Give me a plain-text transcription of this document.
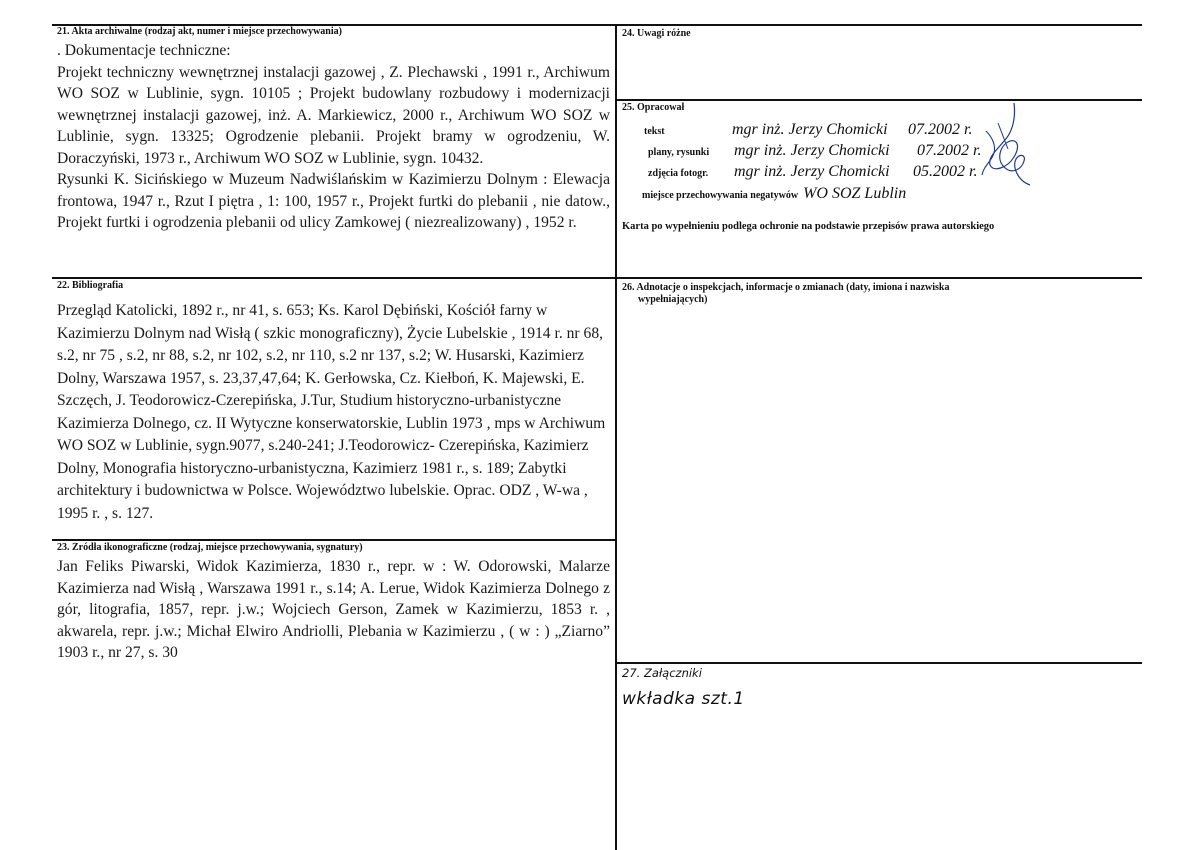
21. Akta archiwalne (rodzaj akt, numer i miejsce przechowywania)

. Dokumentacje techniczne:

Projekt techniczny wewnętrznej instalacji gazowej , Z. Plechawski , 1991 r., Archiwum WO SOZ w Lublinie, sygn. 10105 ; Projekt budowlany rozbudowy i modernizacji wewnętrznej instalacji gazowej, inż. A. Markiewicz, 2000 r., Archiwum WO SOZ w Lublinie, sygn. 13325; Ogrodzenie plebanii. Projekt bramy w ogrodzeniu, W. Doraczyński, 1973 r., Archiwum WO SOZ w Lublinie, sygn. 10432.

Rysunki K. Sicińskiego w Muzeum Nadwiślańskim w Kazimierzu Dolnym : Elewacja frontowa, 1947 r., Rzut I piętra , 1: 100, 1957 r., Projekt furtki do plebanii , nie datow., Projekt furtki i ogrodzenia plebanii od ulicy Zamkowej ( niezrealizowany) , 1952 r.

24. Uwagi różne
25. Opracował
tekst	mgr inż. Jerzy Chomicki	07.2002 r.
plany, rysunki	mgr inż. Jerzy Chomicki	07.2002 r.
zdjęcia fotogr.	mgr inż. Jerzy Chomicki	05.2002 r.
miejsce przechowywania negatywów WO SOZ Lublin
Karta po wypełnieniu podlega ochronie na podstawie przepisów prawa autorskiego
22. Bibliografia

Przegląd Katolicki, 1892 r., nr 41, s. 653; Ks. Karol Dębiński, Kościół farny w Kazimierzu Dolnym nad Wisłą ( szkic monograficzny), Życie Lubelskie , 1914 r. nr 68, s.2, nr 75 , s.2, nr 88, s.2, nr 102, s.2, nr 110, s.2 nr 137, s.2; W. Husarski, Kazimierz Dolny, Warszawa 1957, s. 23,37,47,64; K. Gerłowska, Cz. Kiełboń, K. Majewski, E. Szczęch, J. Teodorowicz-Czerepińska, J.Tur, Studium historyczno-urbanistyczne Kazimierza Dolnego, cz. II Wytyczne konserwatorskie, Lublin 1973 , mps w Archiwum WO SOZ w Lublinie, sygn.9077, s.240-241; J.Teodorowicz- Czerepińska, Kazimierz Dolny, Monografia historyczno-urbanistyczna, Kazimierz 1981 r., s. 189; Zabytki architektury i budownictwa w Polsce. Województwo lubelskie. Oprac. ODZ , W-wa , 1995 r. , s. 127.

26. Adnotacje o inspekcjach, informacje o zmianach (daty, imiona i nazwiska
wypełniających)
23. Źródła ikonograficzne (rodzaj, miejsce przechowywania, sygnatury)

Jan Feliks Piwarski, Widok Kazimierza, 1830 r., repr. w : W. Odorowski, Malarze Kazimierza nad Wisłą , Warszawa 1991 r., s.14; A. Lerue, Widok Kazimierza Dolnego z gór, litografia, 1857, repr. j.w.; Wojciech Gerson, Zamek w Kazimierzu, 1853 r. , akwarela, repr. j.w.; Michał Elwiro Andriolli, Plebania w Kazimierzu , ( w : ) „Ziarno” 1903 r., nr 27, s. 30

27. Załączniki
wkładka szt.1
